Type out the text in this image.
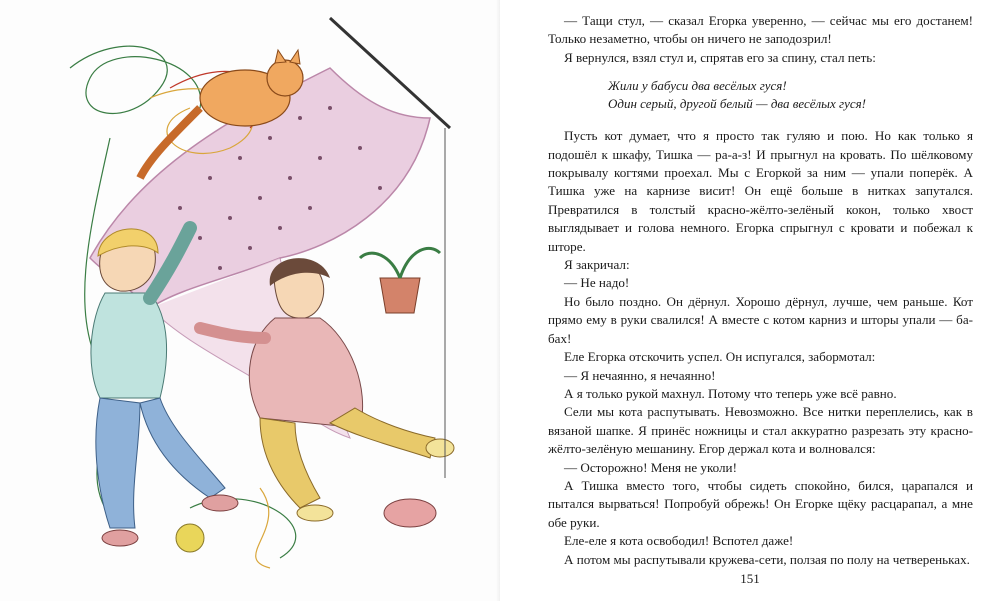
151

— Тащи стул, — сказал Егорка уверенно, — сейчас мы его достанем! Только незаметно, чтобы он ничего не заподозрил!

Я вернулся, взял стул и, спрятав его за спину, стал петь:

Жили у бабуси два весёлых гуся!
Один серый, другой белый — два весёлых гуся!

Пусть кот думает, что я просто так гуляю и пою. Но как только я подошёл к шкафу, Тишка — ра-а-з! И прыгнул на кровать. По шёлковому покрывалу когтями проехал. Мы с Егоркой за ним — упали поперёк. А Тишка уже на карнизе висит! Он ещё больше в нитках запутался. Превратился в толстый красно-жёлто-зелёный кокон, только хвост выглядывает и голова немного. Егорка спрыгнул с кровати и побежал к шторе.

Я закричал:

— Не надо!

Но было поздно. Он дёрнул. Хорошо дёрнул, лучше, чем раньше. Кот прямо ему в руки свалился! А вместе с котом карниз и шторы упали — ба-бах!

Еле Егорка отскочить успел. Он испугался, забормотал:

— Я нечаянно, я нечаянно!

А я только рукой махнул. Потому что теперь уже всё равно.

Сели мы кота распутывать. Невозможно. Все нитки переплелись, как в вязаной шапке. Я принёс ножницы и стал аккуратно разрезать эту красно-жёлто-зелёную мешанину. Егор держал кота и волновался:

— Осторожно! Меня не уколи!

А Тишка вместо того, чтобы сидеть спокойно, бился, царапался и пытался вырваться! Попробуй обрежь! Он Егорке щёку расцарапал, а мне обе руки.

Еле-еле я кота освободил! Вспотел даже!

А потом мы распутывали кружева-сети, ползая по полу на четвереньках.
